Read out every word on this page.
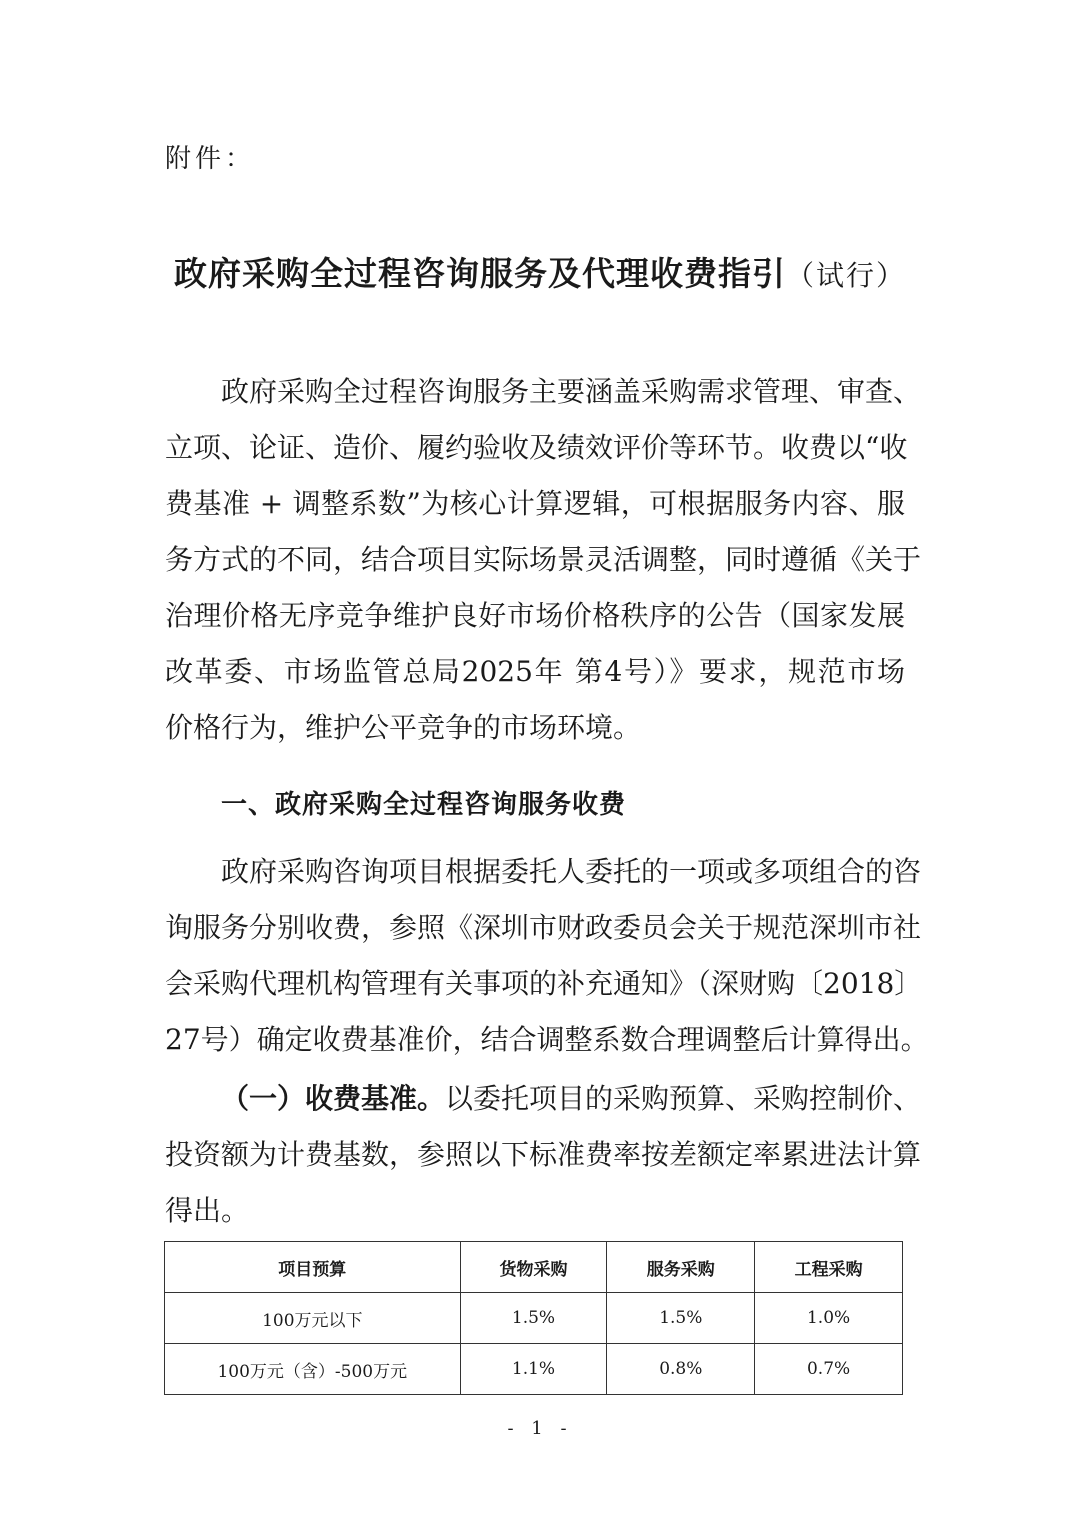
附件：
政府采购全过程咨询服务及代理收费指引（试行）
政府采购全过程咨询服务主要涵盖采购需求管理、审查、
立项、论证、造价、履约验收及绩效评价等环节。收费以“收
费基准 + 调整系数”为核心计算逻辑，可根据服务内容、服
务方式的不同，结合项目实际场景灵活调整，同时遵循《关于
治理价格无序竞争维护良好市场价格秩序的公告（国家发展
改革委、市场监管总局2025年 第4号）》要求，规范市场
价格行为，维护公平竞争的市场环境。
一、政府采购全过程咨询服务收费
政府采购咨询项目根据委托人委托的一项或多项组合的咨
询服务分别收费，参照《深圳市财政委员会关于规范深圳市社
会采购代理机构管理有关事项的补充通知》（深财购〔2018〕
27号）确定收费基准价，结合调整系数合理调整后计算得出。
（一）收费基准。以委托项目的采购预算、采购控制价、
投资额为计费基数，参照以下标准费率按差额定率累进法计算
得出。
项目预算	货物采购	服务采购	工程采购
100万元以下	1.5%	1.5%	1.0%
100万元（含）-500万元	1.1%	0.8%	0.7%
- 1 -
